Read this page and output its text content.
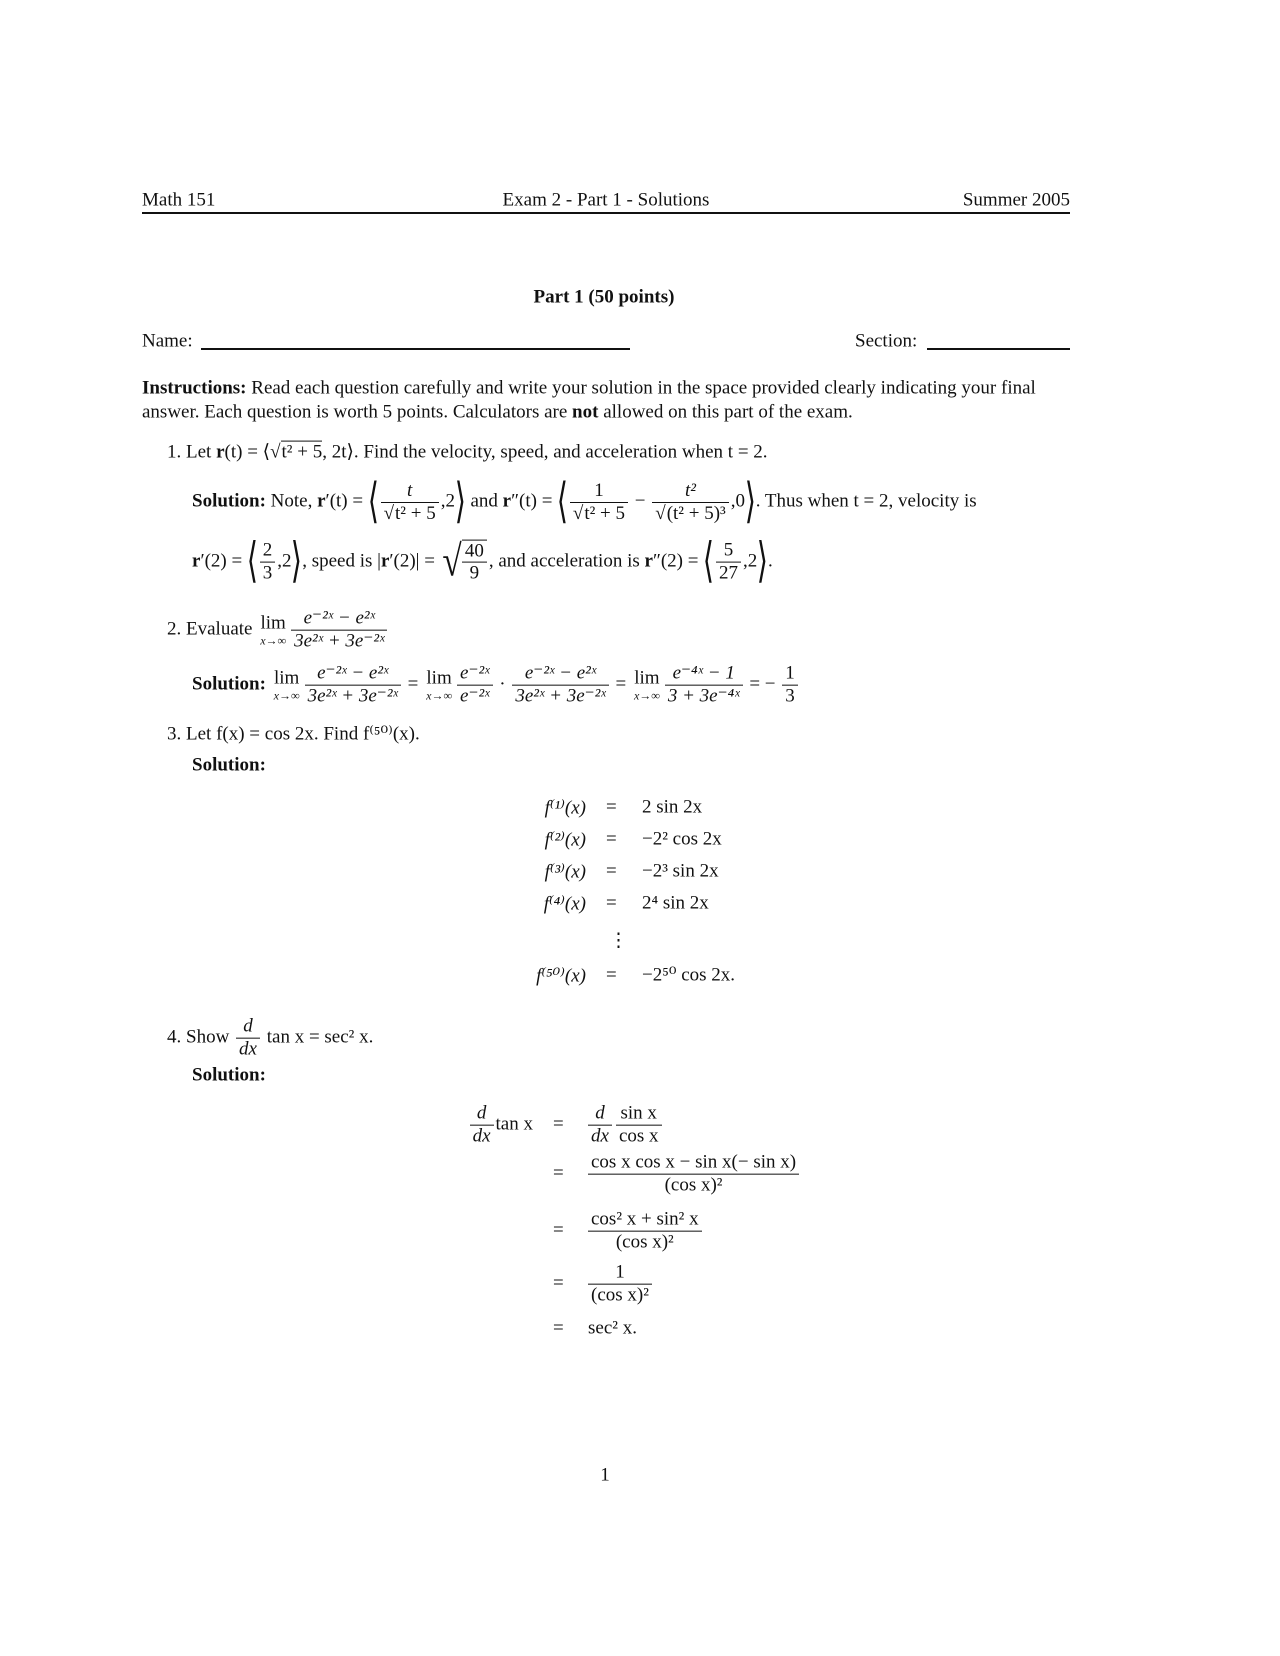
Math 151	Exam 2 - Part 1 - Solutions	Summer 2005
Part 1 (50 points)
Name:	Section:
Instructions: Read each question carefully and write your solution in the space provided clearly indicating your final
answer. Each question is worth 5 points. Calculators are not allowed on this part of the exam.
1. Let r(t) = ⟨√t² + 5, 2t⟩. Find the velocity, speed, and acceleration when t = 2.
Solution: Note, r′(t) = ⟨ $\frac{t}{\text{√t² + 5}}$ ,2⟩ and r″(t) = ⟨ $\frac{1}{\text{√t² + 5}} - \frac{\text{t²}}{\text{√(t² + 5)³}}$ ,0⟩. Thus when t = 2, velocity is
r′(2) = ⟨ $\frac{2}{3}$ ,2⟩, speed is |r′(2)| = √ $\frac{40}{9}$ , and acceleration is r″(2) = ⟨ $\frac{5}{27}$ ,2⟩.
2. Evaluate lim
$x\to\infty \frac{\text{e⁻²ˣ − e²ˣ}}{\text{3e²ˣ + 3e⁻²ˣ}}$
Solution: lim
$x\to\infty \frac{\text{e⁻²ˣ − e²ˣ}}{\text{3e²ˣ + 3e⁻²ˣ}} = \lim$
$x\to\infty \frac{\text{e⁻²ˣ}}{\text{e⁻²ˣ}} \cdot \frac{\text{e⁻²ˣ − e²ˣ}}{\text{3e²ˣ + 3e⁻²ˣ}} = \lim$
$x\to\infty \frac{\text{e⁻⁴ˣ − 1}}{\text{3 + 3e⁻⁴ˣ}}$ = − $\frac{1}{3}$
3. Let f(x) = cos 2x. Find f⁽⁵⁰⁾(x).
Solution:
f⁽¹⁾(x) = 2 sin 2x
f⁽²⁾(x) = −2² cos 2x
f⁽³⁾(x) = −2³ sin 2x
f⁽⁴⁾(x) = 2⁴ sin 2x
⋮
f⁽⁵⁰⁾(x) = −2⁵⁰ cos 2x.
4. Show $\frac{d}{dx}$ tan x = sec² x.
Solution:
$\frac{d}{dx}$ $\tan x = \frac{d}{dx} \frac{\text{sin x}}{\text{cos x}}$
= $\frac{\text{cos x cos x − sin x(− sin x)}}{\text{(cos x)²}}$
= $\frac{\text{cos² x + sin² x}}{\text{(cos x)²}}$
= $\frac{1}{\text{(cos x)²}}$
= sec² x.
1
